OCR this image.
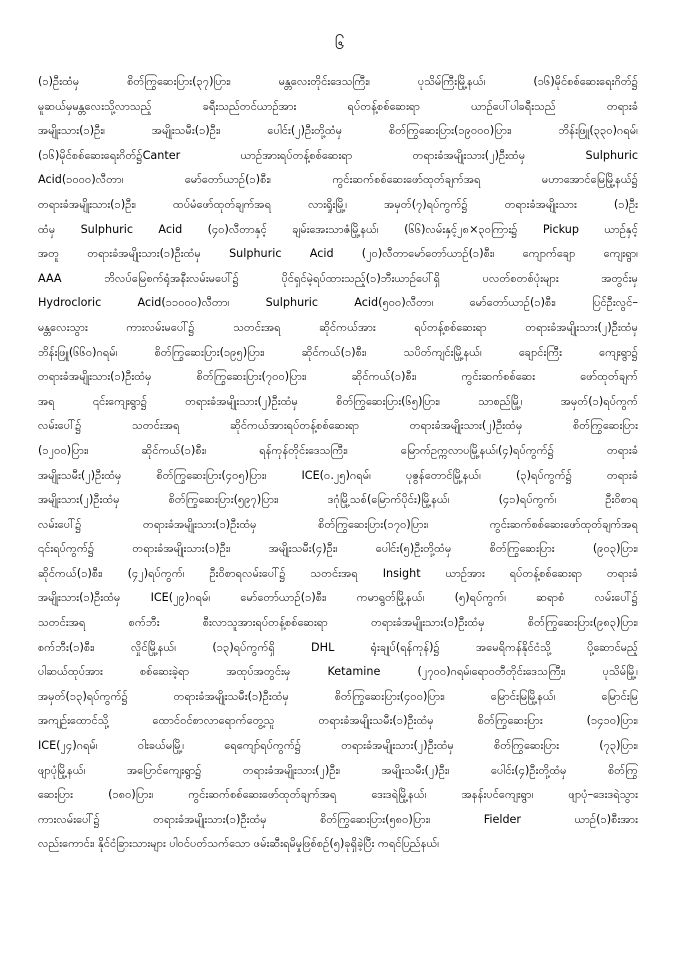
၆
(၁)ဦးထံမှ စိတ်ကြွဆေးပြား(၃၇)ပြား၊ မန္တလေးတိုင်းဒေသကြီး၊ ပုသိမ်ကြီးမြို့နယ်၊ (၁၆)မိုင်စစ်ဆေးရေးဂိတ်၌
မူဆယ်မှမန္တလေးသို့လာသည့် ခရီးသည်တင်ယာဉ်အား ရပ်တန့်စစ်ဆေးရာ ယာဉ်ပေါ်ပါခရီးသည် တရားခံ
အမျိုးသား(၁)ဦး၊ အမျိုးသမီး(၁)ဦး၊ ပေါင်း(၂)ဦးတို့ထံမှ စိတ်ကြွဆေးပြား(၁၉၀၀၀)ပြား၊ ဘိန်းဖြူ(၃၃၀)ဂရမ်၊
(၁၆)မိုင်စစ်ဆေးရေးဂိတ်၌Canter ယာဉ်အားရပ်တန့်စစ်ဆေးရာ တရားခံအမျိုးသား(၂)ဦးထံမှ Sulphuric
Acid(၁၀၀၀)လီတာ၊ မော်တော်ယာဉ်(၁)စီး၊ ကွင်းဆက်စစ်ဆေးဖော်ထုတ်ချက်အရ မဟာအောင်မြေမြို့နယ်၌
တရားခံအမျိုးသား(၁)ဦး၊ ထပ်မံဖော်ထုတ်ချက်အရ လားရှိုးမြို့၊ အမှတ်(၇)ရပ်ကွက်၌ တရားခံအမျိုးသား (၁)ဦး
ထံမှ Sulphuric Acid (၄၀)လီတာနှင့် ချမ်းအေးသာဇံမြို့နယ်၊ (၆၆)လမ်းနှင့်၂၈×၃၀ကြား၌ Pickup ယာဉ်နှင့်
အတူ တရားခံအမျိုးသား(၁)ဦးထံမှ Sulphuric Acid (၂၀)လီတာမော်တော်ယာဉ်(၁)စီး၊ ကျောက်ချော ကျေးရွာ၊
AAA ဘိလပ်မြေစက်ရုံအနီးလမ်းမပေါ်၌ ပိုင်ရှင်မဲ့ရပ်ထားသည့်(၁)ဘီးယာဉ်ပေါ်ရှိ ပလတ်စတစ်ပုံးများ အတွင်းမှ
Hydrocloric Acid(၁၁၀၀၀)လီတာ၊ Sulphuric Acid(၅၀၀)လီတာ၊ မော်တော်ယာဉ်(၁)စီး၊ ပြင်ဦးလွင်–
မန္တလေးသွား ကားလမ်းမပေါ်၌ သတင်းအရ ဆိုင်ကယ်အား ရပ်တန့်စစ်ဆေးရာ တရားခံအမျိုးသား(၂)ဦးထံမှ
ဘိန်းဖြူ(၆၆၀)ဂရမ်၊ စိတ်ကြွဆေးပြား(၁၉၅)ပြား၊ ဆိုင်ကယ်(၁)စီး၊ သပိတ်ကျင်းမြို့နယ်၊ ချောင်းကြီး ကျေးရွာ၌
တရားခံအမျိုးသား(၁)ဦးထံမှ စိတ်ကြွဆေးပြား(၇၀၀)ပြား၊ ဆိုင်ကယ်(၁)စီး၊ ကွင်းဆက်စစ်ဆေး ဖော်ထုတ်ချက်
အရ ၎င်းကျေးရွာ၌ တရားခံအမျိုးသား(၂)ဦးထံမှ စိတ်ကြွဆေးပြား(၆၅)ပြား၊ သာစည်မြို့၊ အမှတ်(၁)ရပ်ကွက်
လမ်းပေါ်၌ သတင်းအရ ဆိုင်ကယ်အားရပ်တန့်စစ်ဆေးရာ တရားခံအမျိုးသား(၂)ဦးထံမှ စိတ်ကြွဆေးပြား
(၁၂၀၀)ပြား၊ ဆိုင်ကယ်(၁)စီး၊ ရန်ကုန်တိုင်းဒေသကြီး၊ မြောက်ဥက္ကလာပမြို့နယ်၊(၄)ရပ်ကွက်၌ တရားခံ
အမျိုးသမီး(၂)ဦးထံမှ စိတ်ကြွဆေးပြား(၄၀၅)ပြား၊ ICE(၀.၂၅)ဂရမ်၊ ပုဇွန်တောင်မြို့နယ်၊ (၃)ရပ်ကွက်၌ တရားခံ
အမျိုးသား(၂)ဦးထံမှ စိတ်ကြွဆေးပြား(၅၉၇)ပြား၊ ဒဂုံမြို့သစ်(မြောက်ပိုင်း)မြို့နယ်၊ (၄၁)ရပ်ကွက်၊ ဦးဝိစာရ
လမ်းပေါ်၌ တရားခံအမျိုးသား(၁)ဦးထံမှ စိတ်ကြွဆေးပြား(၁၇၀)ပြား၊ ကွင်းဆက်စစ်ဆေးဖော်ထုတ်ချက်အရ
၎င်းရပ်ကွက်၌ တရားခံအမျိုးသား(၁)ဦး၊ အမျိုးသမီး(၄)ဦး၊ ပေါင်း(၅)ဦးတို့ထံမှ စိတ်ကြွဆေးပြား (၉၀၃)ပြား၊
ဆိုင်ကယ်(၁)စီး၊ (၄၂)ရပ်ကွက်၊ ဦးဝိစာရလမ်းပေါ်၌ သတင်းအရ Insight ယာဉ်အား ရပ်တန့်စစ်ဆေးရာ တရားခံ
အမျိုးသား(၁)ဦးထံမှ ICE(၂၉)ဂရမ်၊ မော်တော်ယာဉ်(၁)စီး၊ ကမာရွတ်မြို့နယ်၊ (၅)ရပ်ကွက်၊ ဆရာစံ လမ်းပေါ်၌
သတင်းအရ စက်ဘီး စီးလာသူအားရပ်တန့်စစ်ဆေးရာ တရားခံအမျိုးသား(၁)ဦးထံမှ စိတ်ကြွဆေးပြား(၉၈၃)ပြား၊
စက်ဘီး(၁)စီး၊ လှိုင်မြို့နယ်၊ (၁၃)ရပ်ကွက်ရှိ DHL ရုံးချုပ်(ရန်ကုန်)၌ အမေရိကန်နိုင်ငံသို့ ပို့ဆောင်မည့်
ပါဆယ်ထုပ်အား စစ်ဆေးခဲ့ရာ အထုပ်အတွင်းမှ Ketamine (၂၇၀၀)ဂရမ်၊ရောဝတီတိုင်းဒေသကြီး၊ ပုသိမ်မြို့၊
အမှတ်(၁၃)ရပ်ကွက်၌ တရားခံအမျိုးသမီး(၁)ဦးထံမှ စိတ်ကြွဆေးပြား(၄၀၀)ပြား၊ မြောင်းမြမြို့နယ်၊ မြောင်းမြ
အကျဉ်းထောင်သို့ ထောင်ဝင်စာလာရောက်တွေ့သူ တရားခံအမျိုးသမီး(၁)ဦးထံမှ စိတ်ကြွဆေးပြား (၁၄၁၀)ပြား၊
ICE(၂၄)ဂရမ်၊ ဝါးခယ်မမြို့၊ ရေကျော်ရပ်ကွက်၌ တရားခံအမျိုးသား(၂)ဦးထံမှ စိတ်ကြွဆေးပြား (၇၃)ပြား၊
ဖျာပုံမြို့နယ်၊ အပြောင်ကျေးရွာ၌ တရားခံအမျိုးသား(၂)ဦး၊ အမျိုးသမီး(၂)ဦး၊ ပေါင်း(၄)ဦးတို့ထံမှ စိတ်ကြွ
ဆေးပြား (၁၈၀)ပြား၊ ကွင်းဆက်စစ်ဆေးဖော်ထုတ်ချက်အရ ဒေးဒရဲမြို့နယ်၊ အနန်းပင်ကျေးရွာ၊ ဖျာပုံ–ဒေးဒရဲသွား
ကားလမ်းပေါ်၌ တရားခံအမျိုးသား(၁)ဦးထံမှ စိတ်ကြွဆေးပြား(၅၈၀)ပြား၊ Fielder ယာဉ်(၁)စီးအား
လည်းကောင်း၊ နိုင်ငံခြားသားများ ပါဝင်ပတ်သက်သော ဖမ်းဆီးရမိမှုဖြစ်စဉ်(၅)ခုရှိခဲ့ပြီး ကရင်ပြည်နယ်၊
